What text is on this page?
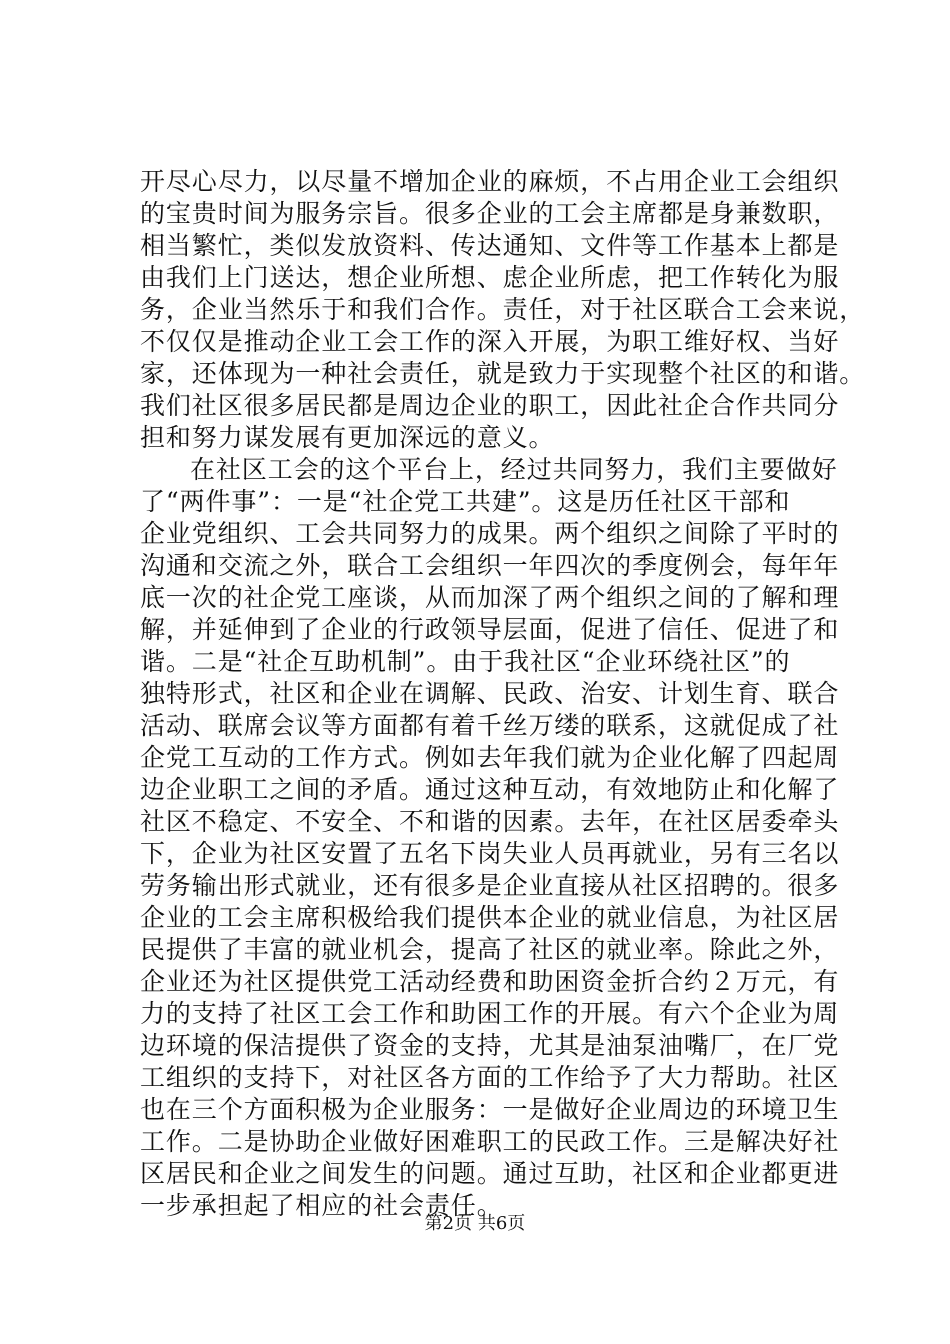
开尽心尽力，以尽量不增加企业的麻烦，不占用企业工会组织
的宝贵时间为服务宗旨。很多企业的工会主席都是身兼数职，
相当繁忙，类似发放资料、传达通知、文件等工作基本上都是
由我们上门送达，想企业所想、虑企业所虑，把工作转化为服
务，企业当然乐于和我们合作。责任，对于社区联合工会来说，
不仅仅是推动企业工会工作的深入开展，为职工维好权、当好
家，还体现为一种社会责任，就是致力于实现整个社区的和谐。
我们社区很多居民都是周边企业的职工，因此社企合作共同分
担和努力谋发展有更加深远的意义。
在社区工会的这个平台上，经过共同努力，我们主要做好
了“两件事”：一是“社企党工共建”。这是历任社区干部和
企业党组织、工会共同努力的成果。两个组织之间除了平时的
沟通和交流之外，联合工会组织一年四次的季度例会，每年年
底一次的社企党工座谈，从而加深了两个组织之间的了解和理
解，并延伸到了企业的行政领导层面，促进了信任、促进了和
谐。二是“社企互助机制”。由于我社区“企业环绕社区”的
独特形式，社区和企业在调解、民政、治安、计划生育、联合
活动、联席会议等方面都有着千丝万缕的联系，这就促成了社
企党工互动的工作方式。例如去年我们就为企业化解了四起周
边企业职工之间的矛盾。通过这种互动，有效地防止和化解了
社区不稳定、不安全、不和谐的因素。去年，在社区居委牵头
下，企业为社区安置了五名下岗失业人员再就业，另有三名以
劳务输出形式就业，还有很多是企业直接从社区招聘的。很多
企业的工会主席积极给我们提供本企业的就业信息，为社区居
民提供了丰富的就业机会，提高了社区的就业率。除此之外，
企业还为社区提供党工活动经费和助困资金折合约２万元，有
力的支持了社区工会工作和助困工作的开展。有六个企业为周
边环境的保洁提供了资金的支持，尤其是油泵油嘴厂，在厂党
工组织的支持下，对社区各方面的工作给予了大力帮助。社区
也在三个方面积极为企业服务：一是做好企业周边的环境卫生
工作。二是协助企业做好困难职工的民政工作。三是解决好社
区居民和企业之间发生的问题。通过互助，社区和企业都更进
一步承担起了相应的社会责任。
第2页 共6页
